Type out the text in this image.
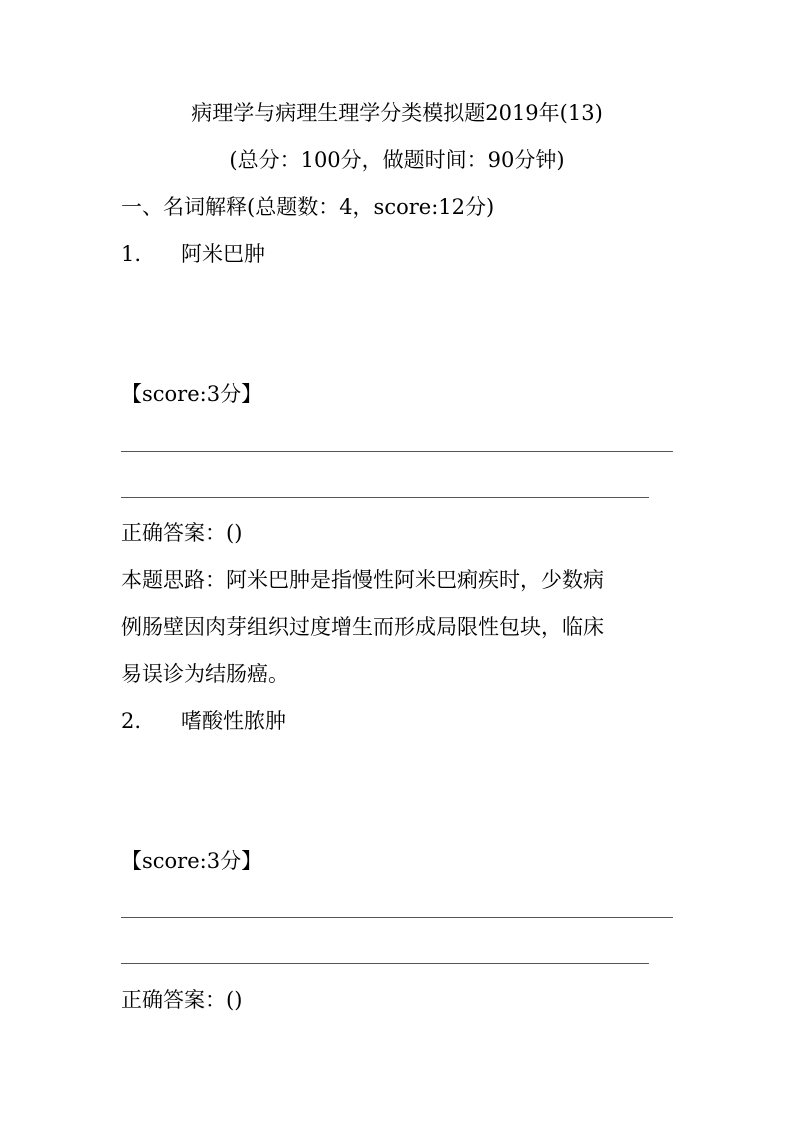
病理学与病理生理学分类模拟题2019年(13)
(总分：100分，做题时间：90分钟)
一、名词解释(总题数：4，score:12分)
1. 阿米巴肿
【score:3分】
正确答案：()
本题思路：阿米巴肿是指慢性阿米巴痢疾时，少数病
例肠壁因肉芽组织过度增生而形成局限性包块，临床
易误诊为结肠癌。
2. 嗜酸性脓肿
【score:3分】
正确答案：()
